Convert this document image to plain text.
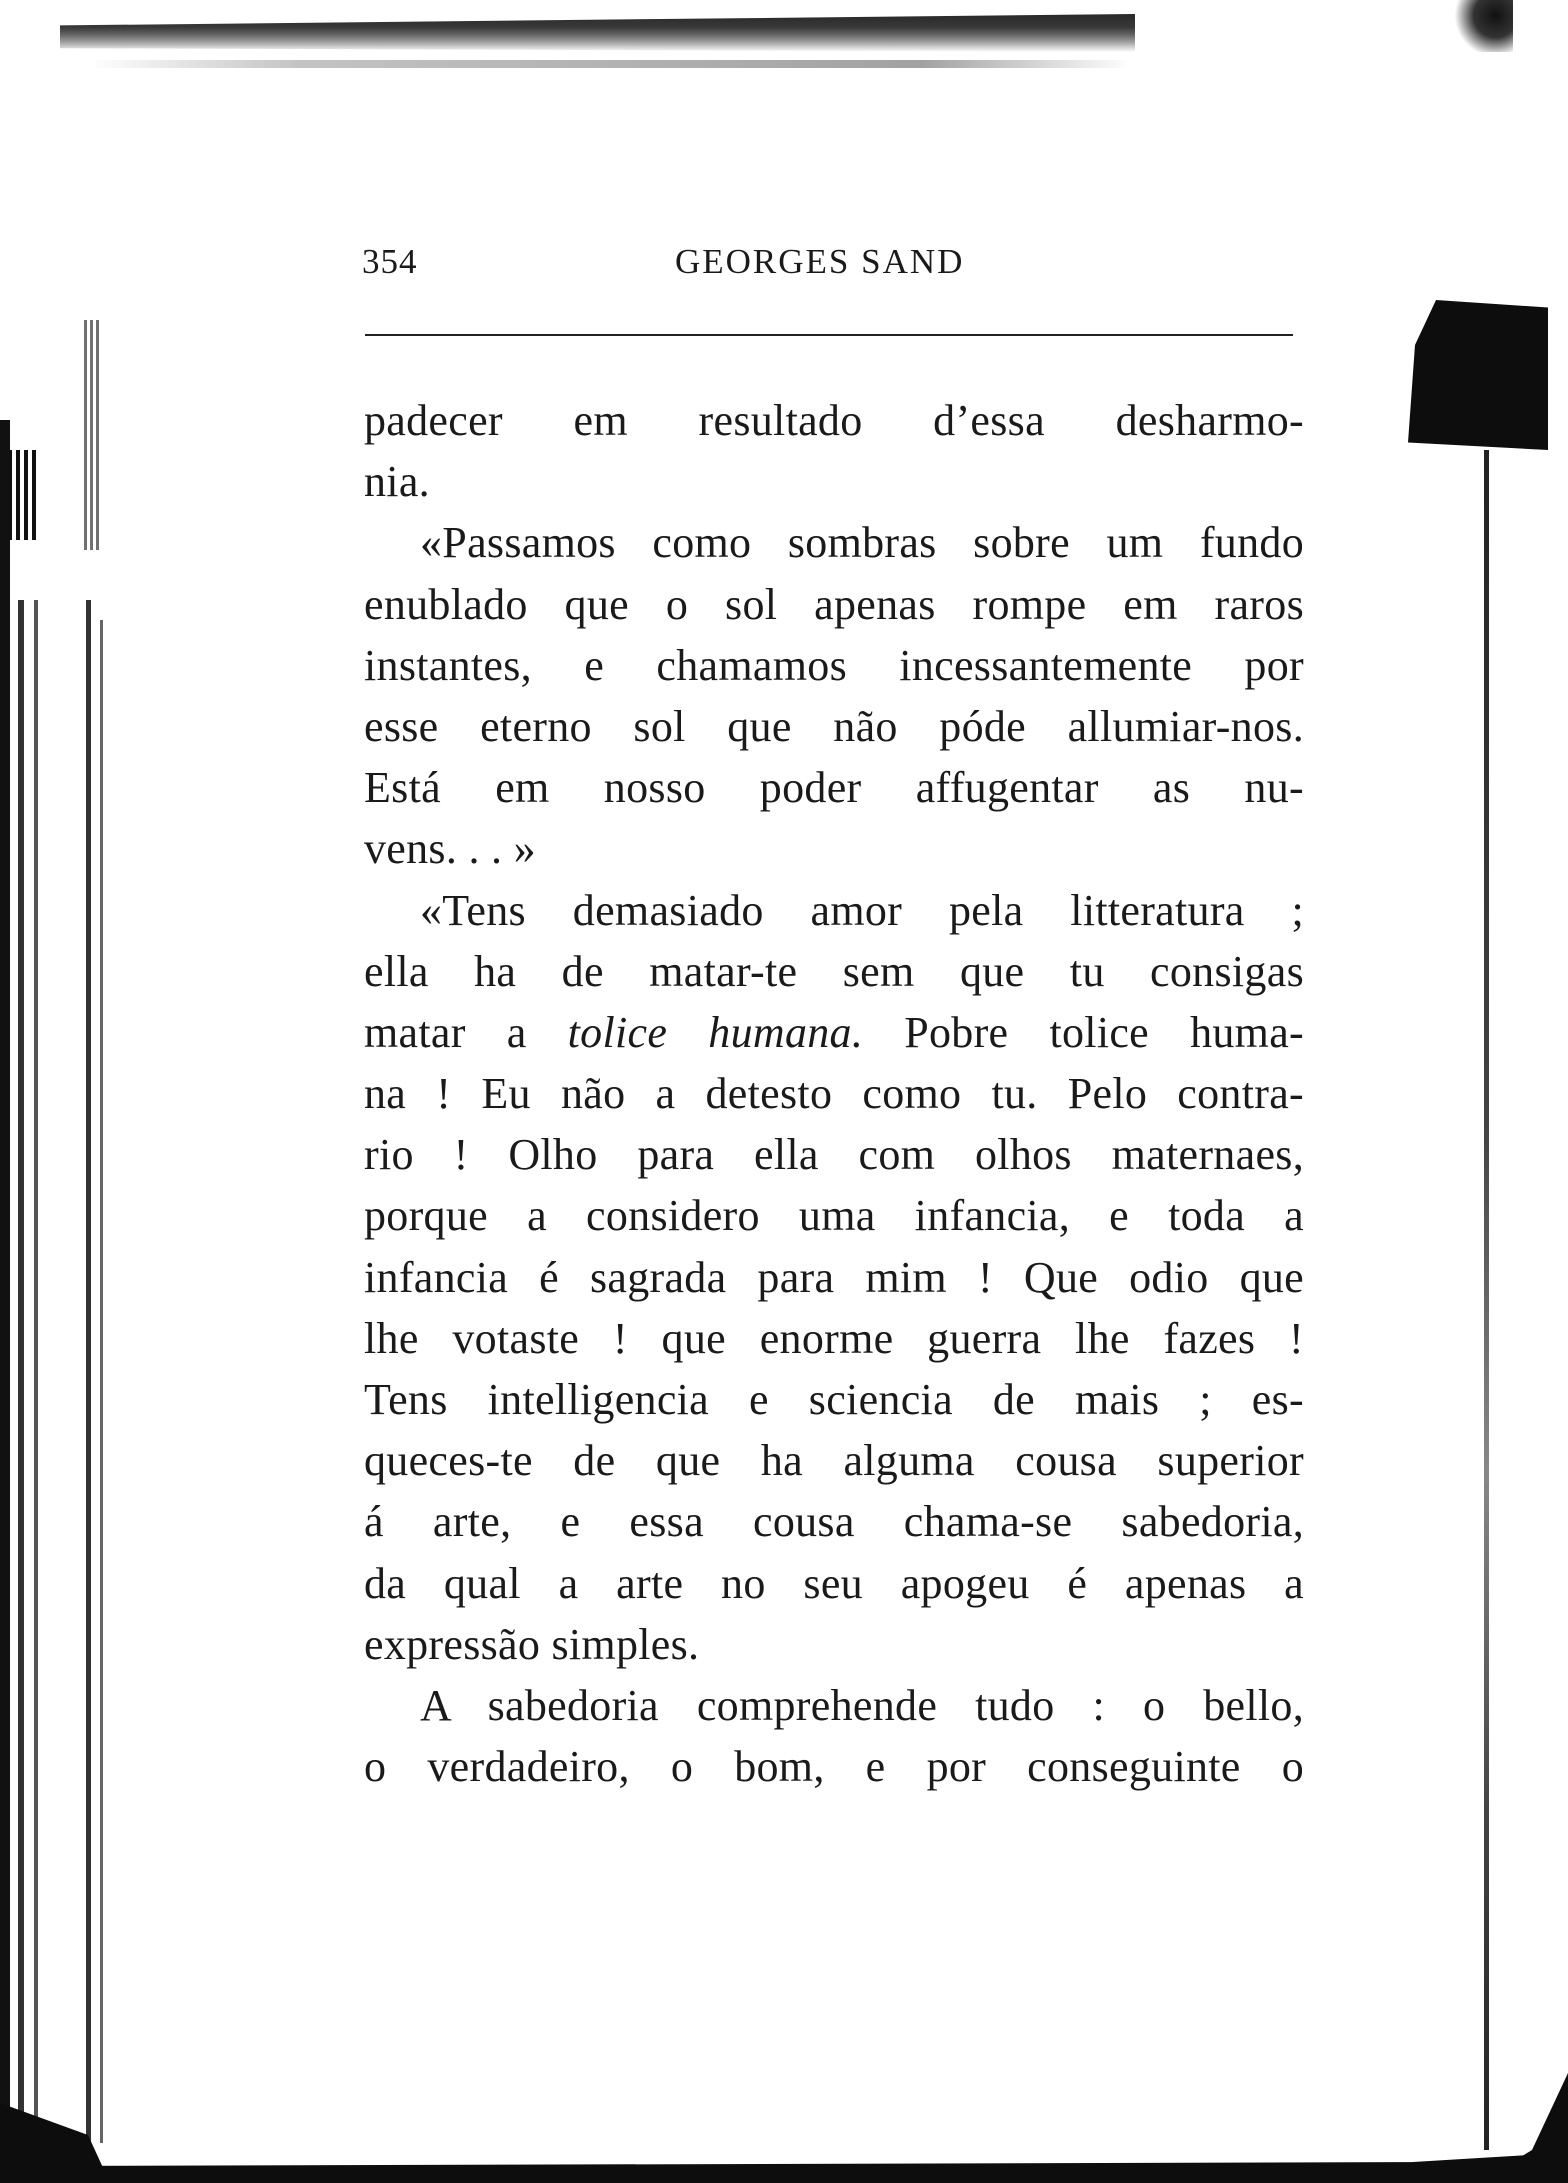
354	GEORGES SAND
padecer em resultado d’essa desharmo-
nia.
«Passamos como sombras sobre um fundo
enublado que o sol apenas rompe em raros
instantes, e chamamos incessantemente por
esse eterno sol que não póde allumiar-nos.
Está em nosso poder affugentar as nu-
vens. . . »
«Tens demasiado amor pela litteratura ;
ella ha de matar-te sem que tu consigas
matar a tolice humana. Pobre tolice huma-
na ! Eu não a detesto como tu. Pelo contra-
rio ! Olho para ella com olhos maternaes,
porque a considero uma infancia, e toda a
infancia é sagrada para mim ! Que odio que
lhe votaste ! que enorme guerra lhe fazes !
Tens intelligencia e sciencia de mais ; es-
queces-te de que ha alguma cousa superior
á arte, e essa cousa chama-se sabedoria,
da qual a arte no seu apogeu é apenas a
expressão simples.
A sabedoria comprehende tudo : o bello,
o verdadeiro, o bom, e por conseguinte o
